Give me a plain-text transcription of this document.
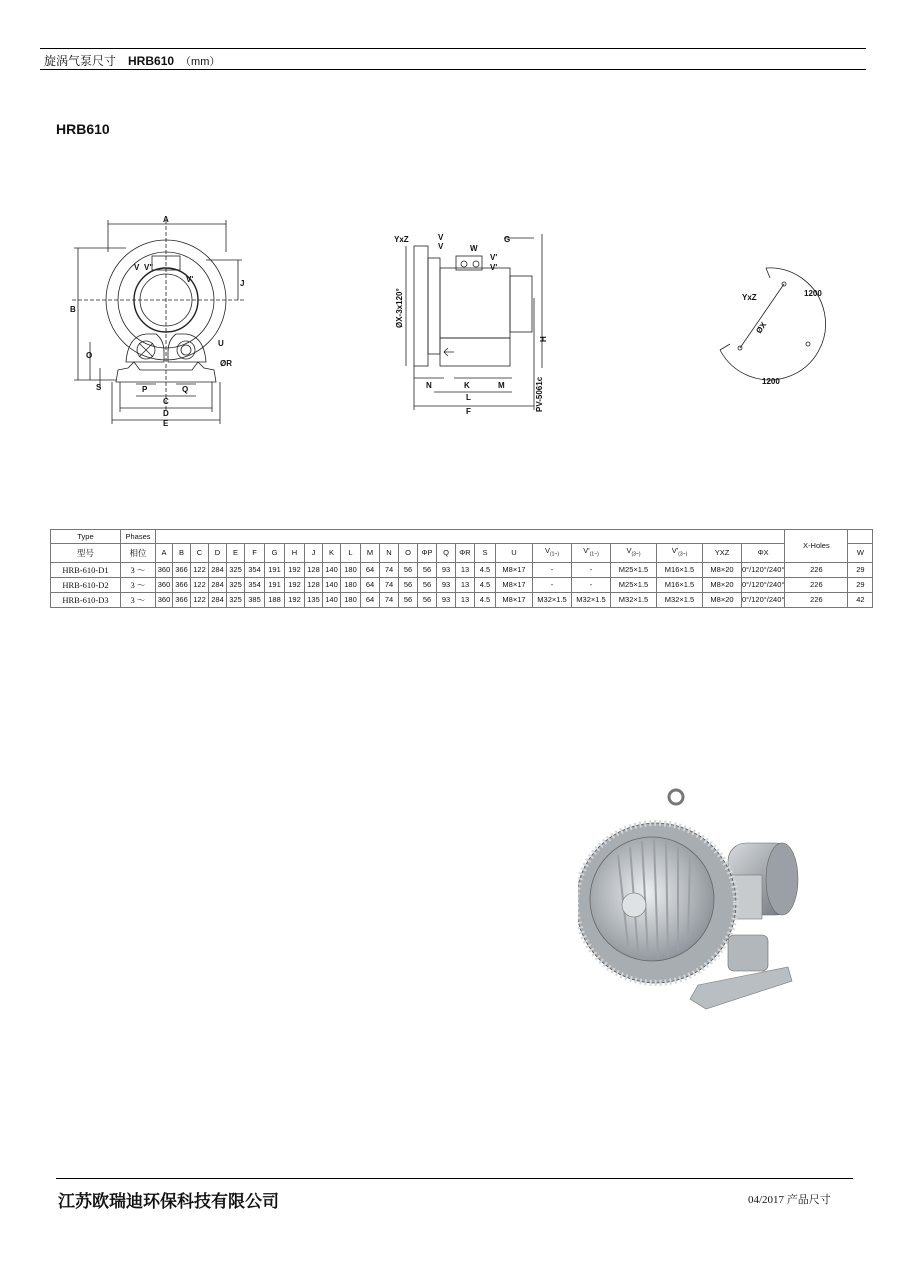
旋涡气泵尺寸 HRB610 （mm）
HRB610
A
B
J
V V"
V'
U
ØR
O
S	P	Q
C
D
E
YxZ	V
V	W
G
V'
V'
ØX-3x120°
H
N	K	M
L
F	PV-5061c
YxZ	1200
ØX
1200
Type	Phases																										X-Holes	
型号	相位	A	B	C	D	E	F	G	H	J	K	L	M	N	O	ΦP	Q	ΦR	S	U	$V_{(1\sim)}$	$V'_{(1\sim)}$	$V_{(3\sim)}$	$V'_{(3\sim)}$	YXZ	ΦX		W
HRB-610-D1	3 ～	360	366	122	284	325	354	191	192	128	140	180	64	74	56	56	93	13	4.5	M8×17	-	-	M25×1.5	M16×1.5	M8×20	0°/120°/240°	226	29
HRB-610-D2	3 ～	360	366	122	284	325	354	191	192	128	140	180	64	74	56	56	93	13	4.5	M8×17	-	-	M25×1.5	M16×1.5	M8×20	0°/120°/240°	226	29
HRB-610-D3	3 ～	360	366	122	284	325	385	188	192	135	140	180	64	74	56	56	93	13	4.5	M8×17	M32×1.5	M32×1.5	M32×1.5	M32×1.5	M8×20	0°/120°/240°	226	42
江苏欧瑞迪环保科技有限公司	04/2017 产品尺寸
